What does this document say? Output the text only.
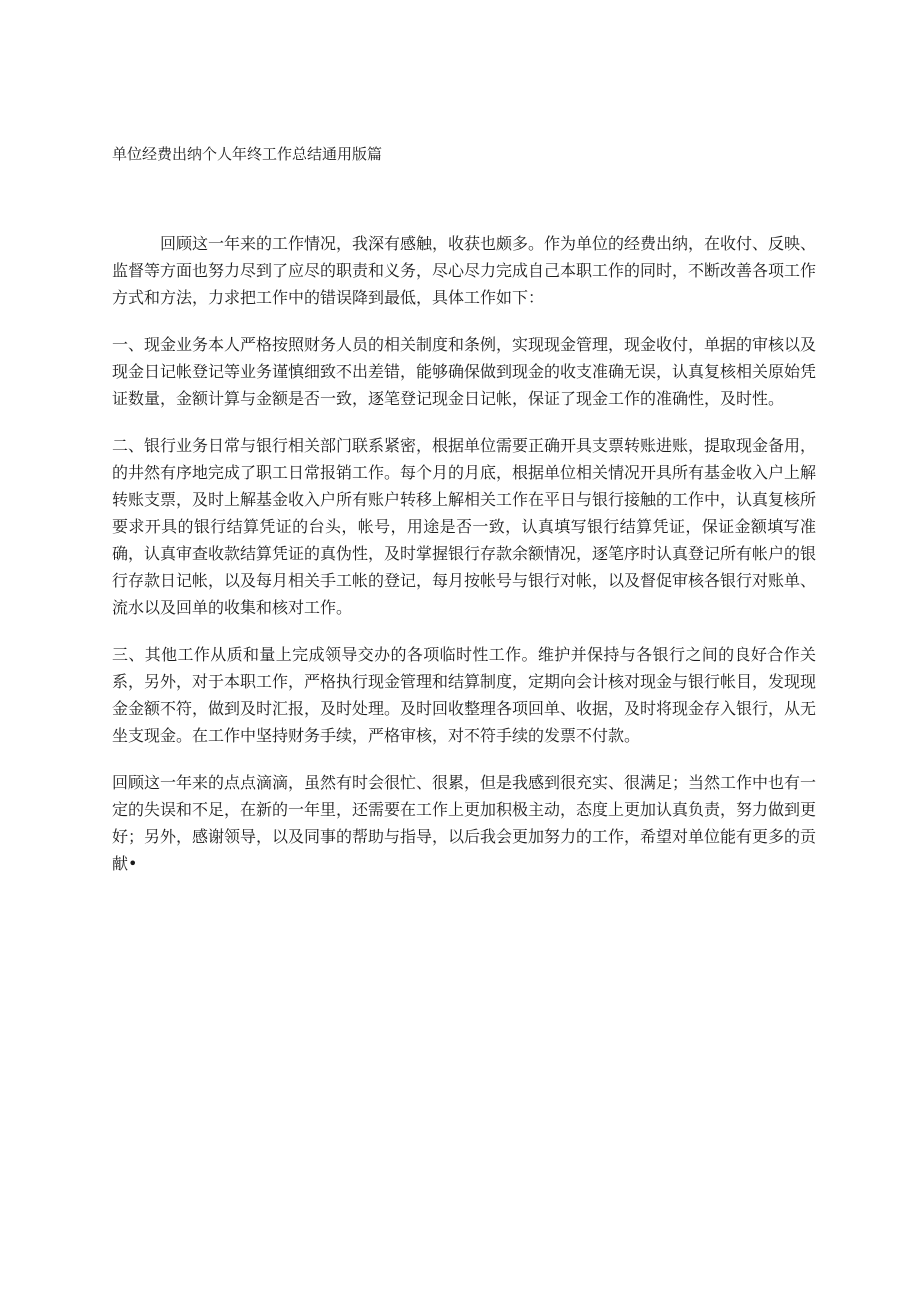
单位经费出纳个人年终工作总结通用版篇

回顾这一年来的工作情况，我深有感触，收获也颇多。作为单位的经费出纳，在收付、反映、监督等方面也努力尽到了应尽的职责和义务，尽心尽力完成自己本职工作的同时，不断改善各项工作方式和方法，力求把工作中的错误降到最低，具体工作如下：

一、现金业务本人严格按照财务人员的相关制度和条例，实现现金管理，现金收付，单据的审核以及现金日记帐登记等业务谨慎细致不出差错，能够确保做到现金的收支准确无误，认真复核相关原始凭证数量，金额计算与金额是否一致，逐笔登记现金日记帐，保证了现金工作的准确性，及时性。

二、银行业务日常与银行相关部门联系紧密，根据单位需要正确开具支票转账进账，提取现金备用，的井然有序地完成了职工日常报销工作。每个月的月底，根据单位相关情况开具所有基金收入户上解转账支票，及时上解基金收入户所有账户转移上解相关工作在平日与银行接触的工作中，认真复核所要求开具的银行结算凭证的台头，帐号，用途是否一致，认真填写银行结算凭证，保证金额填写准确，认真审查收款结算凭证的真伪性，及时掌握银行存款余额情况，逐笔序时认真登记所有帐户的银行存款日记帐，以及每月相关手工帐的登记，每月按帐号与银行对帐，以及督促审核各银行对账单、流水以及回单的收集和核对工作。

三、其他工作从质和量上完成领导交办的各项临时性工作。维护并保持与各银行之间的良好合作关系，另外，对于本职工作，严格执行现金管理和结算制度，定期向会计核对现金与银行帐目，发现现金金额不符，做到及时汇报，及时处理。及时回收整理各项回单、收据，及时将现金存入银行，从无坐支现金。在工作中坚持财务手续，严格审核，对不符手续的发票不付款。

回顾这一年来的点点滴滴，虽然有时会很忙、很累，但是我感到很充实、很满足；当然工作中也有一定的失误和不足，在新的一年里，还需要在工作上更加积极主动，态度上更加认真负责，努力做到更好；另外，感谢领导，以及同事的帮助与指导，以后我会更加努力的工作，希望对单位能有更多的贡献•
